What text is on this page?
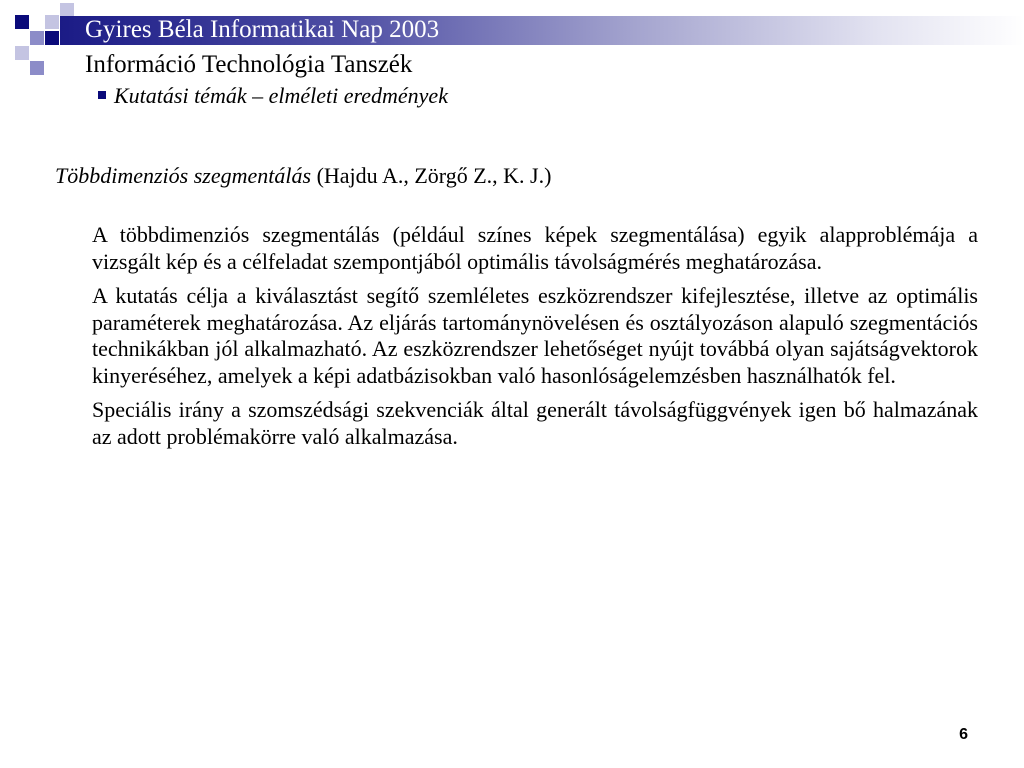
Gyires Béla Informatikai Nap 2003
Információ Technológia Tanszék
Kutatási témák – elméleti eredmények
Többdimenziós szegmentálás (Hajdu A., Zörgő Z., K. J.)

A többdimenziós szegmentálás (például színes képek szegmentálása) egyik alapproblémája a vizsgált kép és a célfeladat szempontjából optimális távolságmérés meghatározása.

A kutatás célja a kiválasztást segítő szemléletes eszközrendszer kifejlesztése, illetve az optimális paraméterek meghatározása. Az eljárás tartománynövelésen és osztályozáson alapuló szegmentációs technikákban jól alkalmazható. Az eszközrendszer lehetőséget nyújt továbbá olyan sajátságvektorok kinyeréséhez, amelyek a képi adatbázisokban való hasonlóságelemzésben használhatók fel.

Speciális irány a szomszédsági szekvenciák által generált távolságfüggvények igen bő halmazának az adott problémakörre való alkalmazása.

6
